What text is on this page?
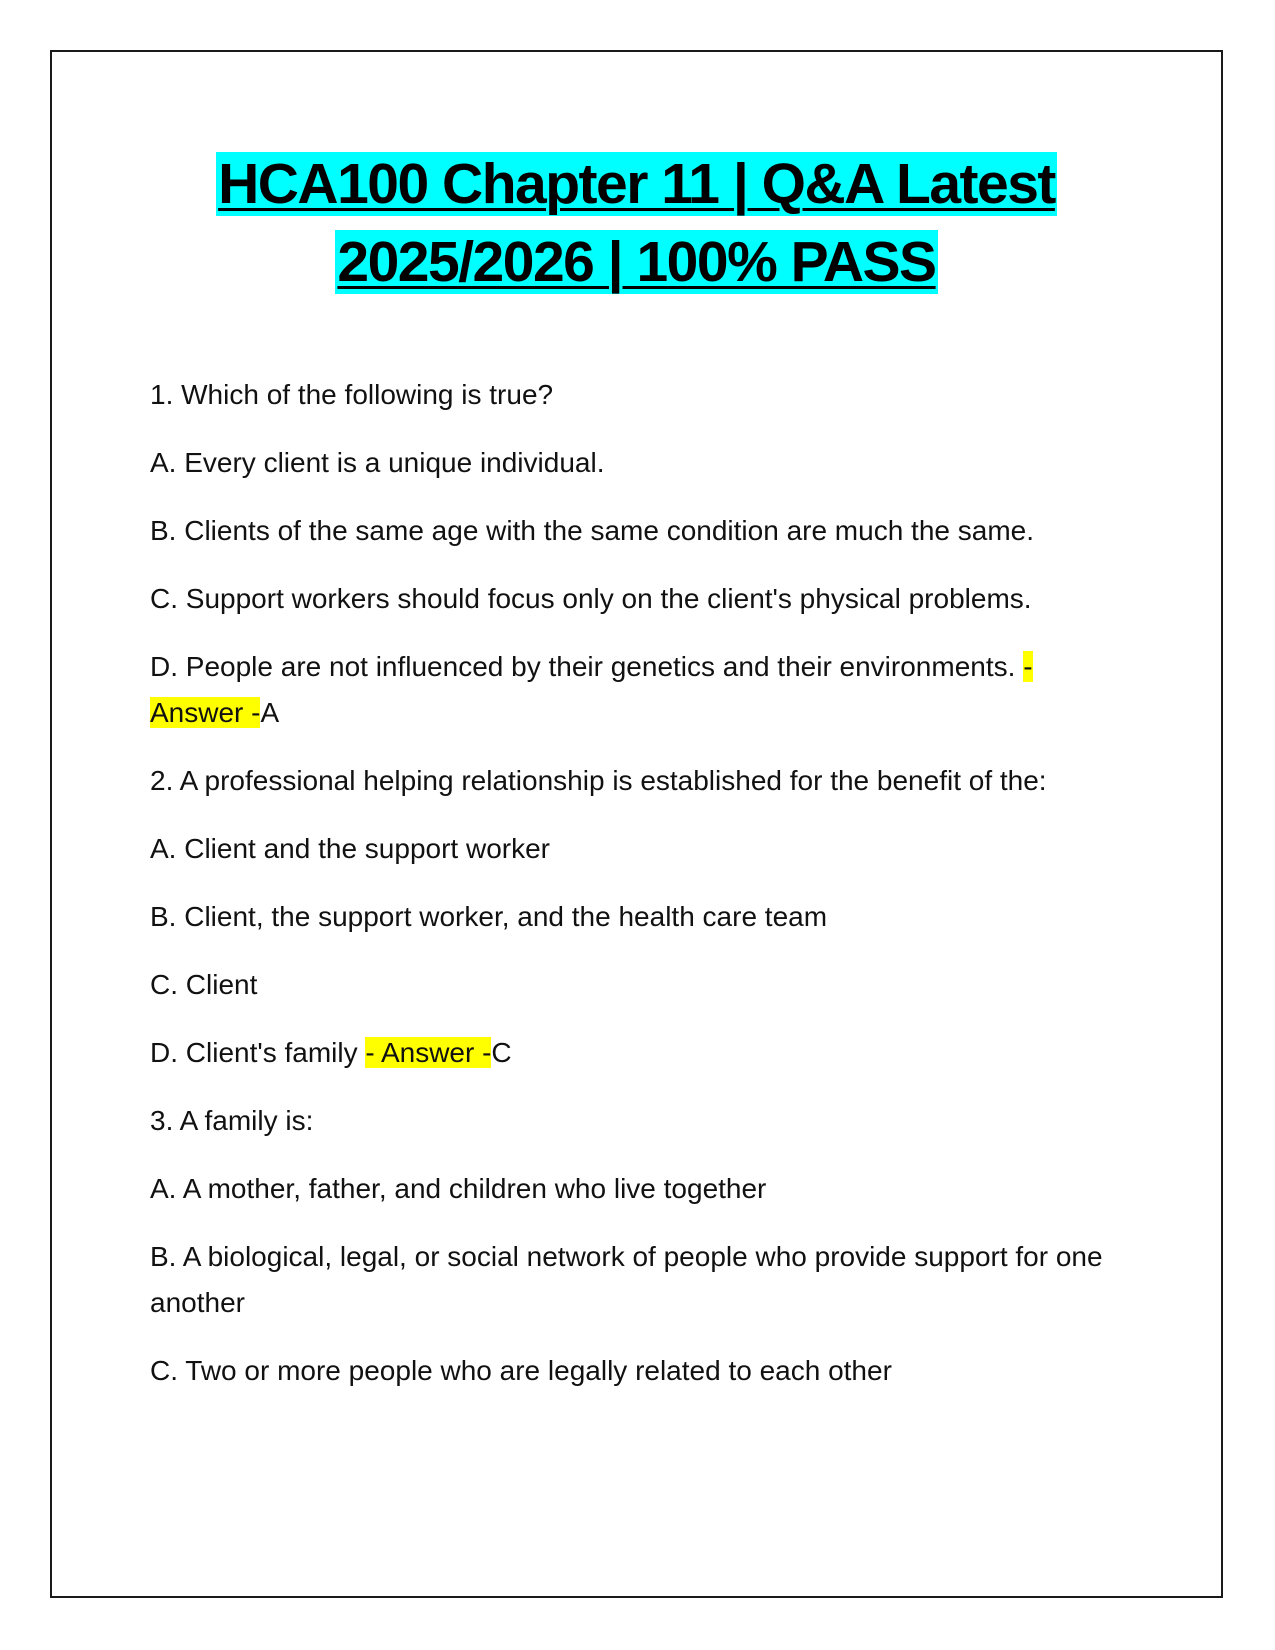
HCA100 Chapter 11 | Q&A Latest
2025/2026 | 100% PASS

1. Which of the following is true?

A. Every client is a unique individual.

B. Clients of the same age with the same condition are much the same.

C. Support workers should focus only on the client's physical problems.

D. People are not influenced by their genetics and their environments. - Answer -A

2. A professional helping relationship is established for the benefit of the:

A. Client and the support worker

B. Client, the support worker, and the health care team

C. Client

D. Client's family - Answer -C

3. A family is:

A. A mother, father, and children who live together

B. A biological, legal, or social network of people who provide support for one another

C. Two or more people who are legally related to each other
